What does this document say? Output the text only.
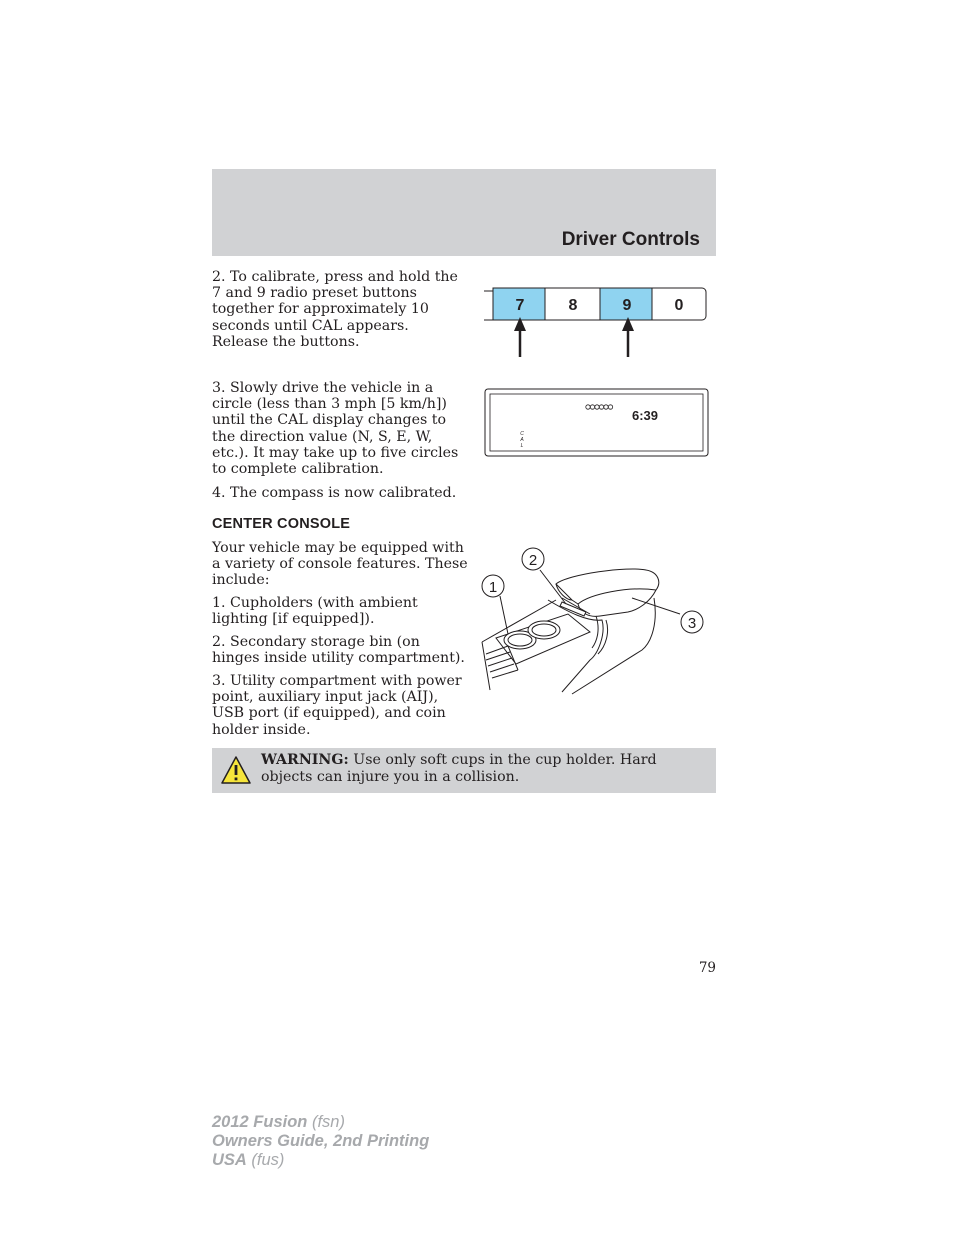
Driver Controls

2. To calibrate, press and hold the 7 and 9 radio preset buttons together for approximately 10 seconds until CAL appears. Release the buttons.

7	8	9	0

3. Slowly drive the vehicle in a circle (less than 3 mph [5 km/h]) until the CAL display changes to the direction value (N, S, E, W, etc.). It may take up to five circles to complete calibration.

4. The compass is now calibrated.

6:39
C
A
L
CENTER CONSOLE

Your vehicle may be equipped with a variety of console features. These include:

1. Cupholders (with ambient lighting [if equipped]).

2. Secondary storage bin (on hinges inside utility compartment).

3. Utility compartment with power point, auxiliary input jack (AIJ), USB port (if equipped), and coin holder inside.

1
2
3
WARNING: Use only soft cups in the cup holder. Hard objects can injure you in a collision.
79
2012 Fusion (fsn)
Owners Guide, 2nd Printing
USA (fus)
